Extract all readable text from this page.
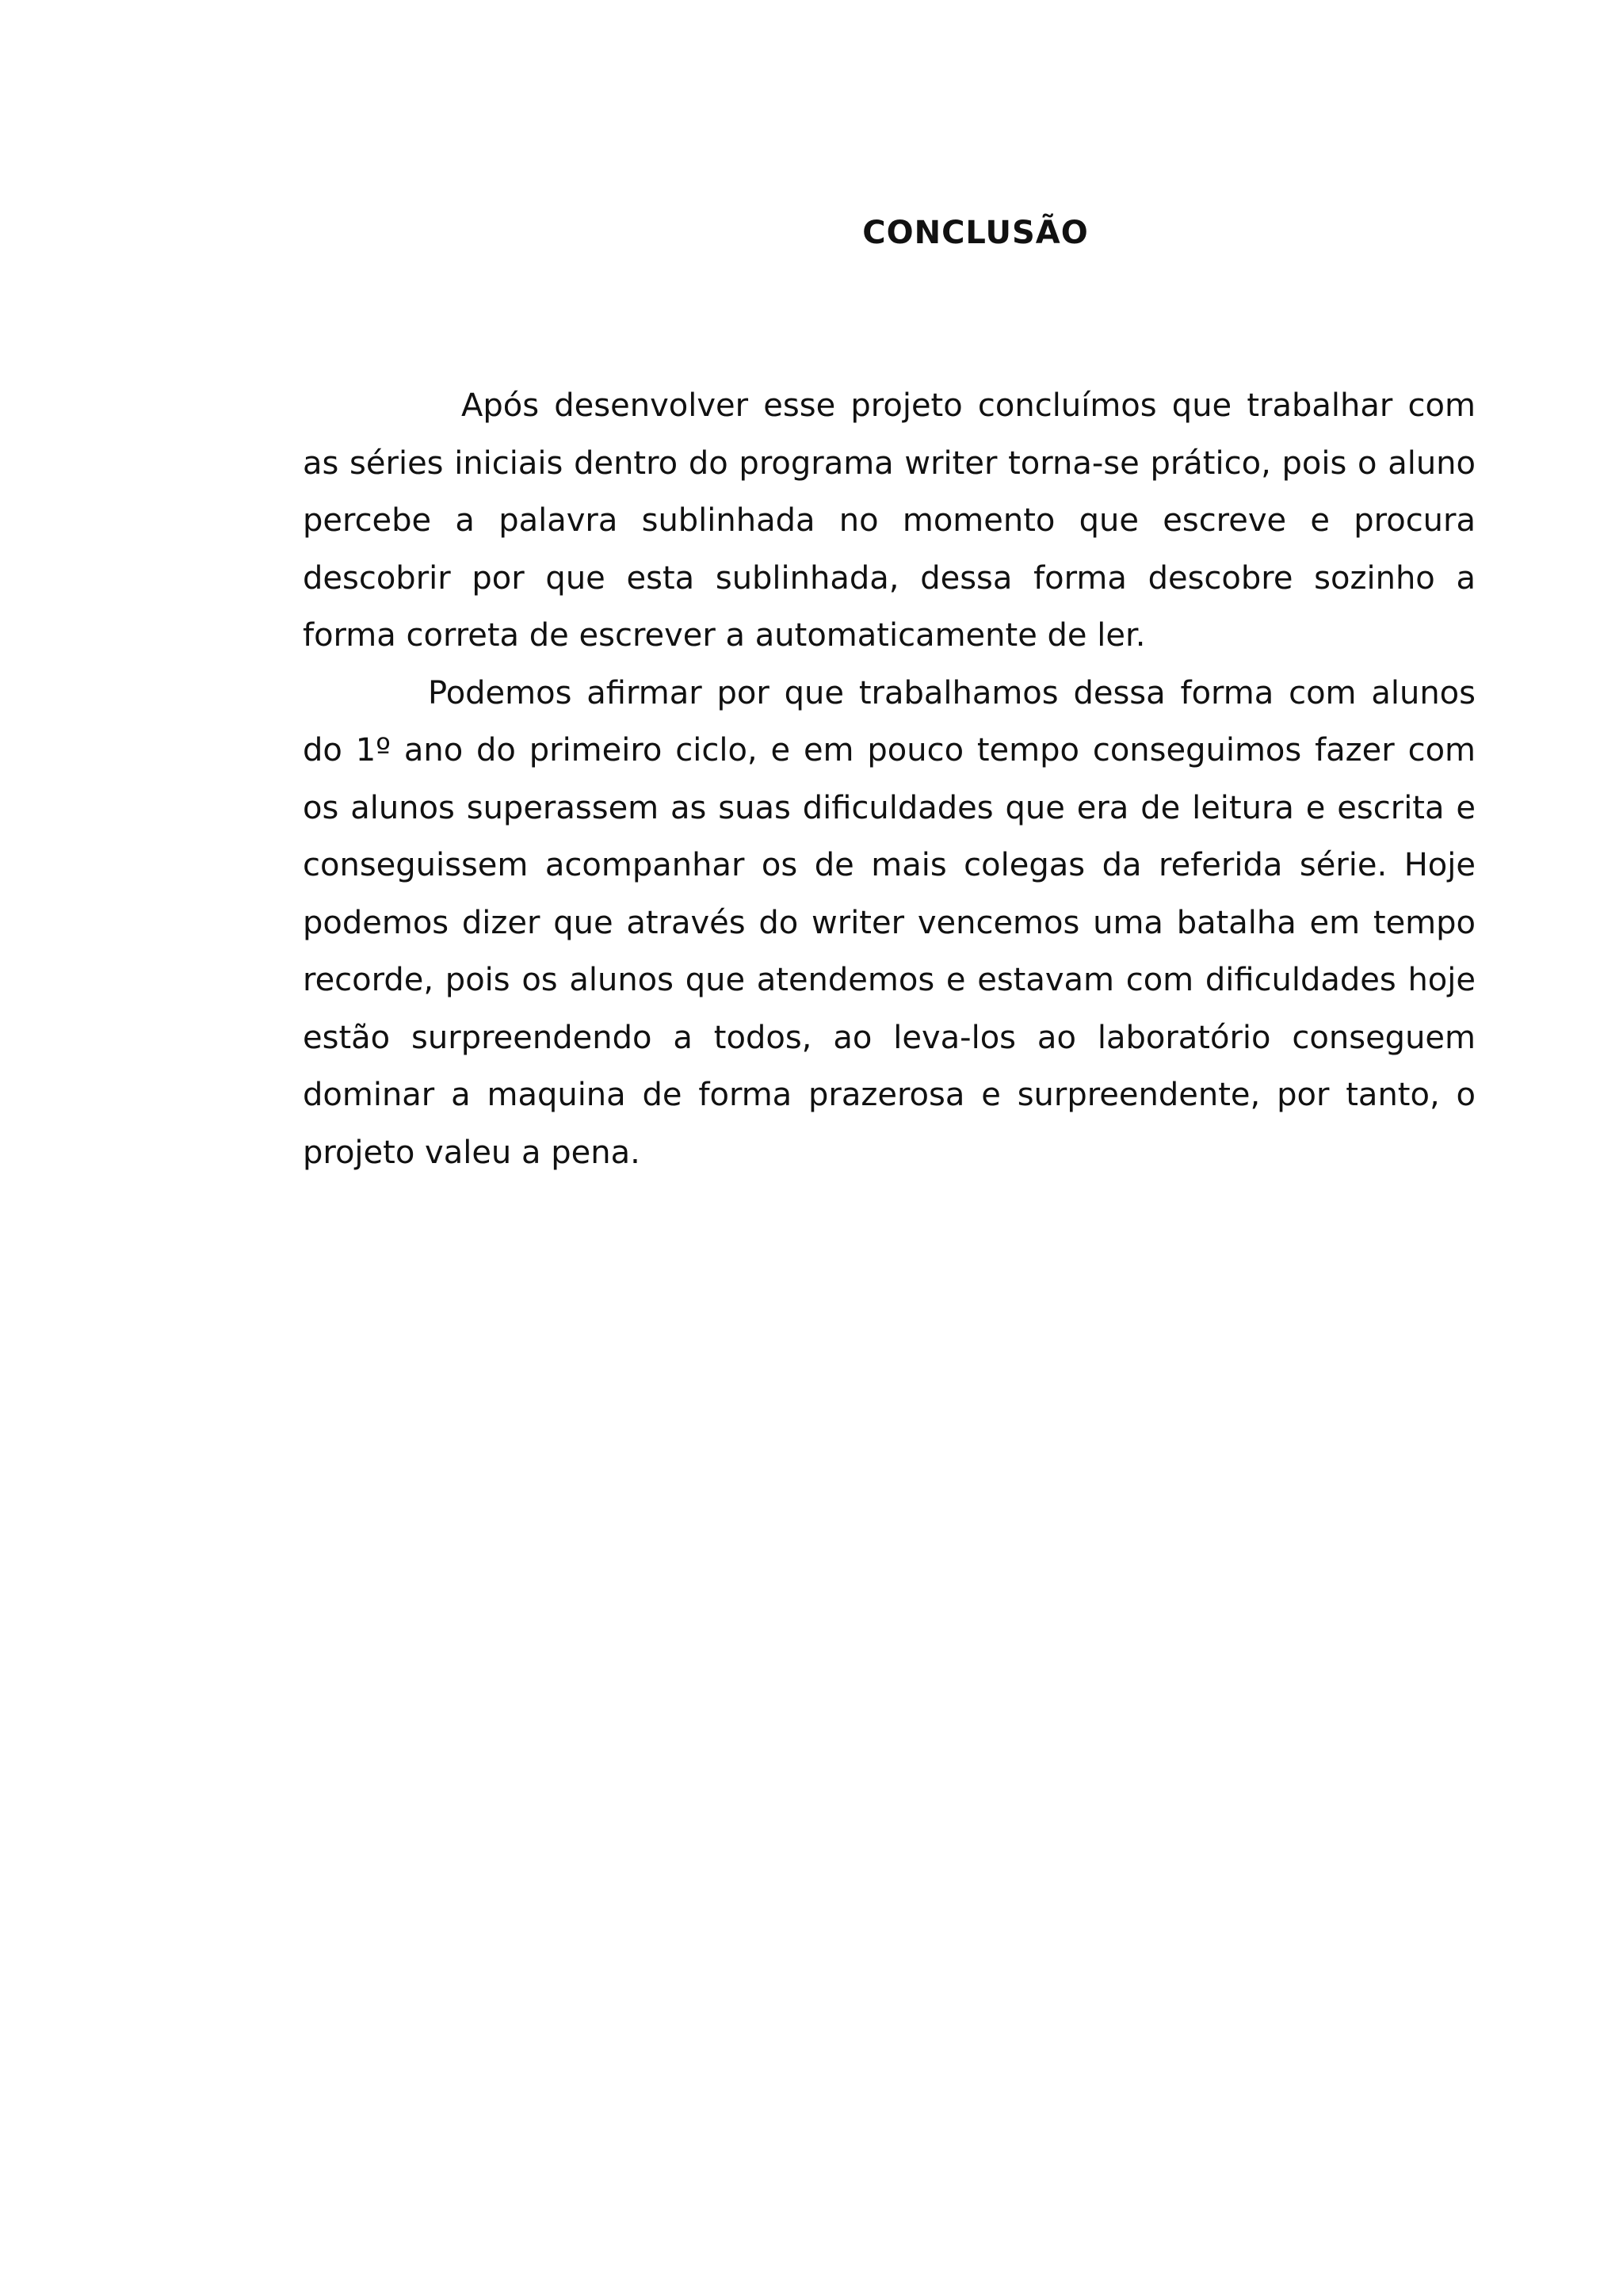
CONCLUSÃO

Após desenvolver esse projeto concluímos que trabalhar com as séries iniciais dentro do programa writer torna-se prático, pois o aluno percebe a palavra sublinhada no momento que escreve e procura descobrir por que esta sublinhada, dessa forma descobre sozinho a forma correta de escrever a automaticamente de ler.

Podemos afirmar por que trabalhamos dessa forma com alunos do 1º ano do primeiro ciclo, e em pouco tempo conseguimos fazer com os alunos superassem as suas dificuldades que era de leitura e escrita e conseguissem acompanhar os de mais colegas da referida série. Hoje podemos dizer que através do writer vencemos uma batalha em tempo recorde, pois os alunos que atendemos e estavam com dificuldades hoje estão surpreendendo a todos, ao leva-los ao laboratório conseguem dominar a maquina de forma prazerosa e surpreendente, por tanto, o projeto valeu a pena.
